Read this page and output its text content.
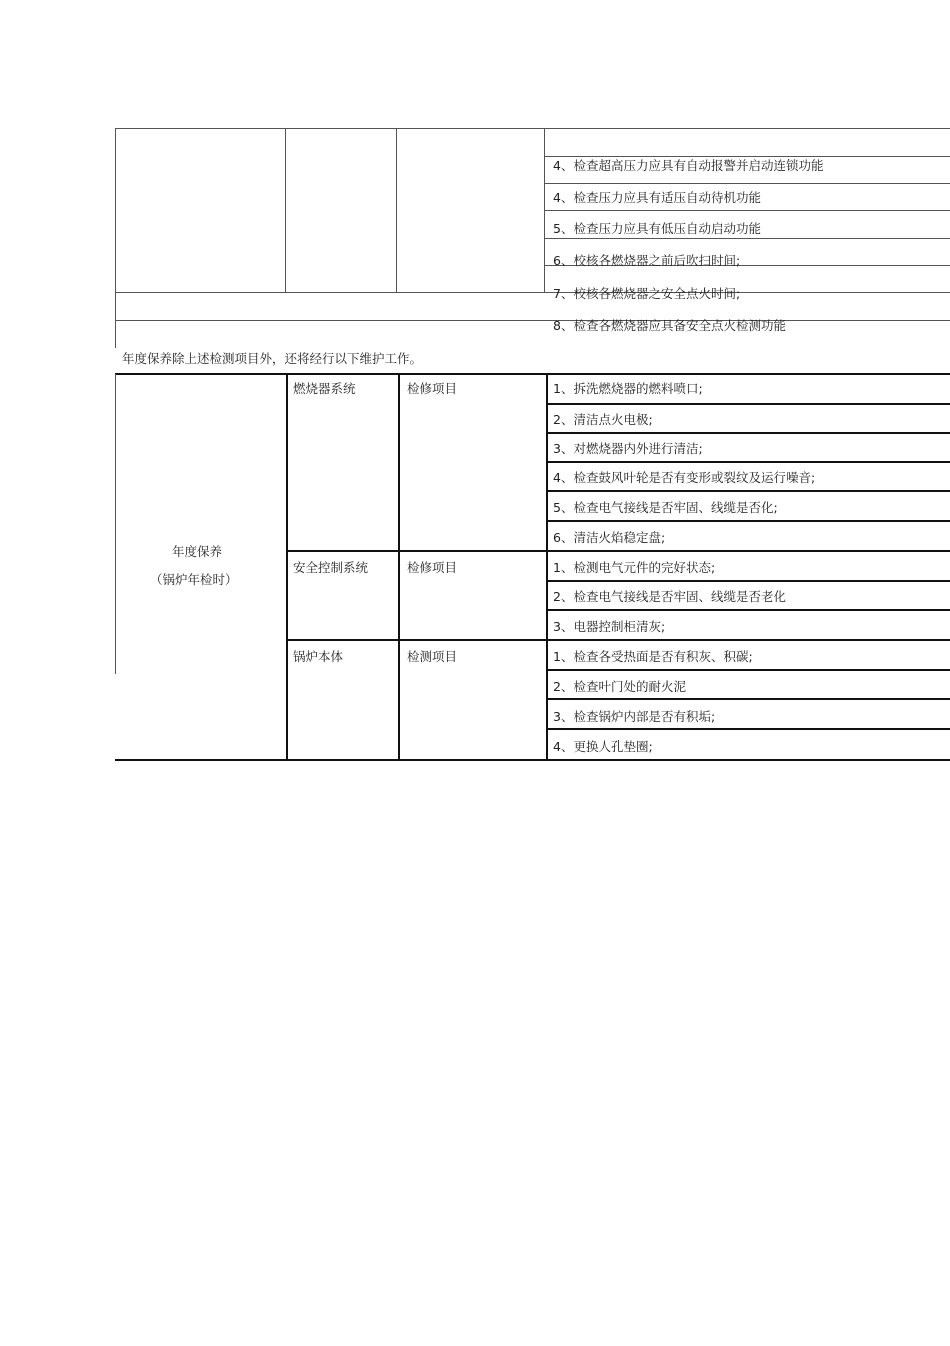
4、检查超高压力应具有自动报警并启动连锁功能
4、检查压力应具有适压自动待机功能
5、检查压力应具有低压自动启动功能
6、校核各燃烧器之前后吹扫时间;
7、校核各燃烧器之安全点火时间;
8、检查各燃烧器应具备安全点火检测功能
年度保养除上述检测项目外，还将经行以下维护工作。
年度保养
（锅炉年检时）
燃烧器系统	检修项目	1、拆洗燃烧器的燃料喷口;
2、清洁点火电极;
3、对燃烧器内外进行清洁;
4、检查鼓风叶轮是否有变形或裂纹及运行噪音;
5、检查电气接线是否牢固、线缆是否化;
6、清洁火焰稳定盘;
安全控制系统	检修项目	1、检测电气元件的完好状态;
2、检查电气接线是否牢固、线缆是否老化
3、电器控制柜清灰;
锅炉本体	检测项目	1、检查各受热面是否有积灰、积碳;
2、检查叶门处的耐火泥
3、检查锅炉内部是否有积垢;
4、更换人孔垫圈;
